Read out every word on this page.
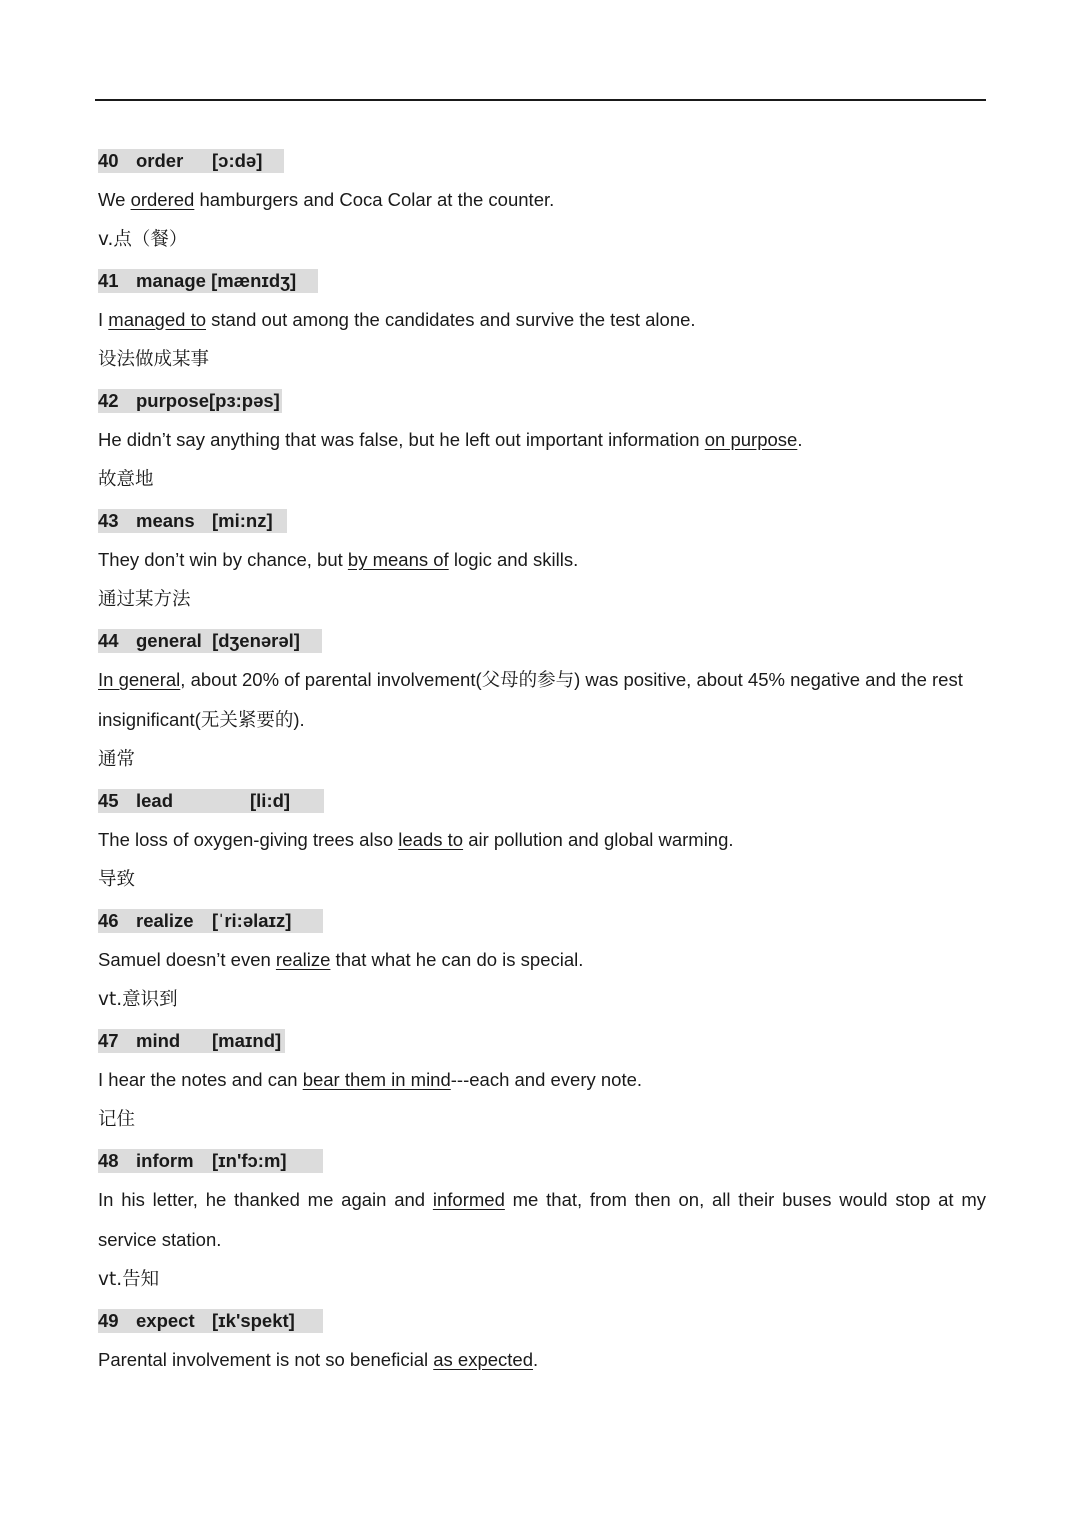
40 order [ɔ:də]
We ordered hamburgers and Coca Colar at the counter.
v.点（餐）
41 manage [mænɪdʒ]
I managed to stand out among the candidates and survive the test alone.
设法做成某事
42 purpose[pɜ:pəs]
He didn’t say anything that was false, but he left out important information on purpose.
故意地
43 means [mi:nz]
They don’t win by chance, but by means of logic and skills.
通过某方法
44 general [dʒenərəl]
In general, about 20% of parental involvement(父母的参与) was positive, about 45% negative and the rest insignificant(无关紧要的).
通常
45 lead	[li:d]
The loss of oxygen-giving trees also leads to air pollution and global warming.
导致
46 realize [ˈri:əlaɪz]
Samuel doesn’t even realize that what he can do is special.
vt.意识到
47 mind [maɪnd]
I hear the notes and can bear them in mind---each and every note.
记住
48 inform [ɪn'fɔ:m]
In his letter, he thanked me again and informed me that, from then on, all their buses would stop at my service station.
vt.告知
49 expect [ɪk'spekt]
Parental involvement is not so beneficial as expected.
